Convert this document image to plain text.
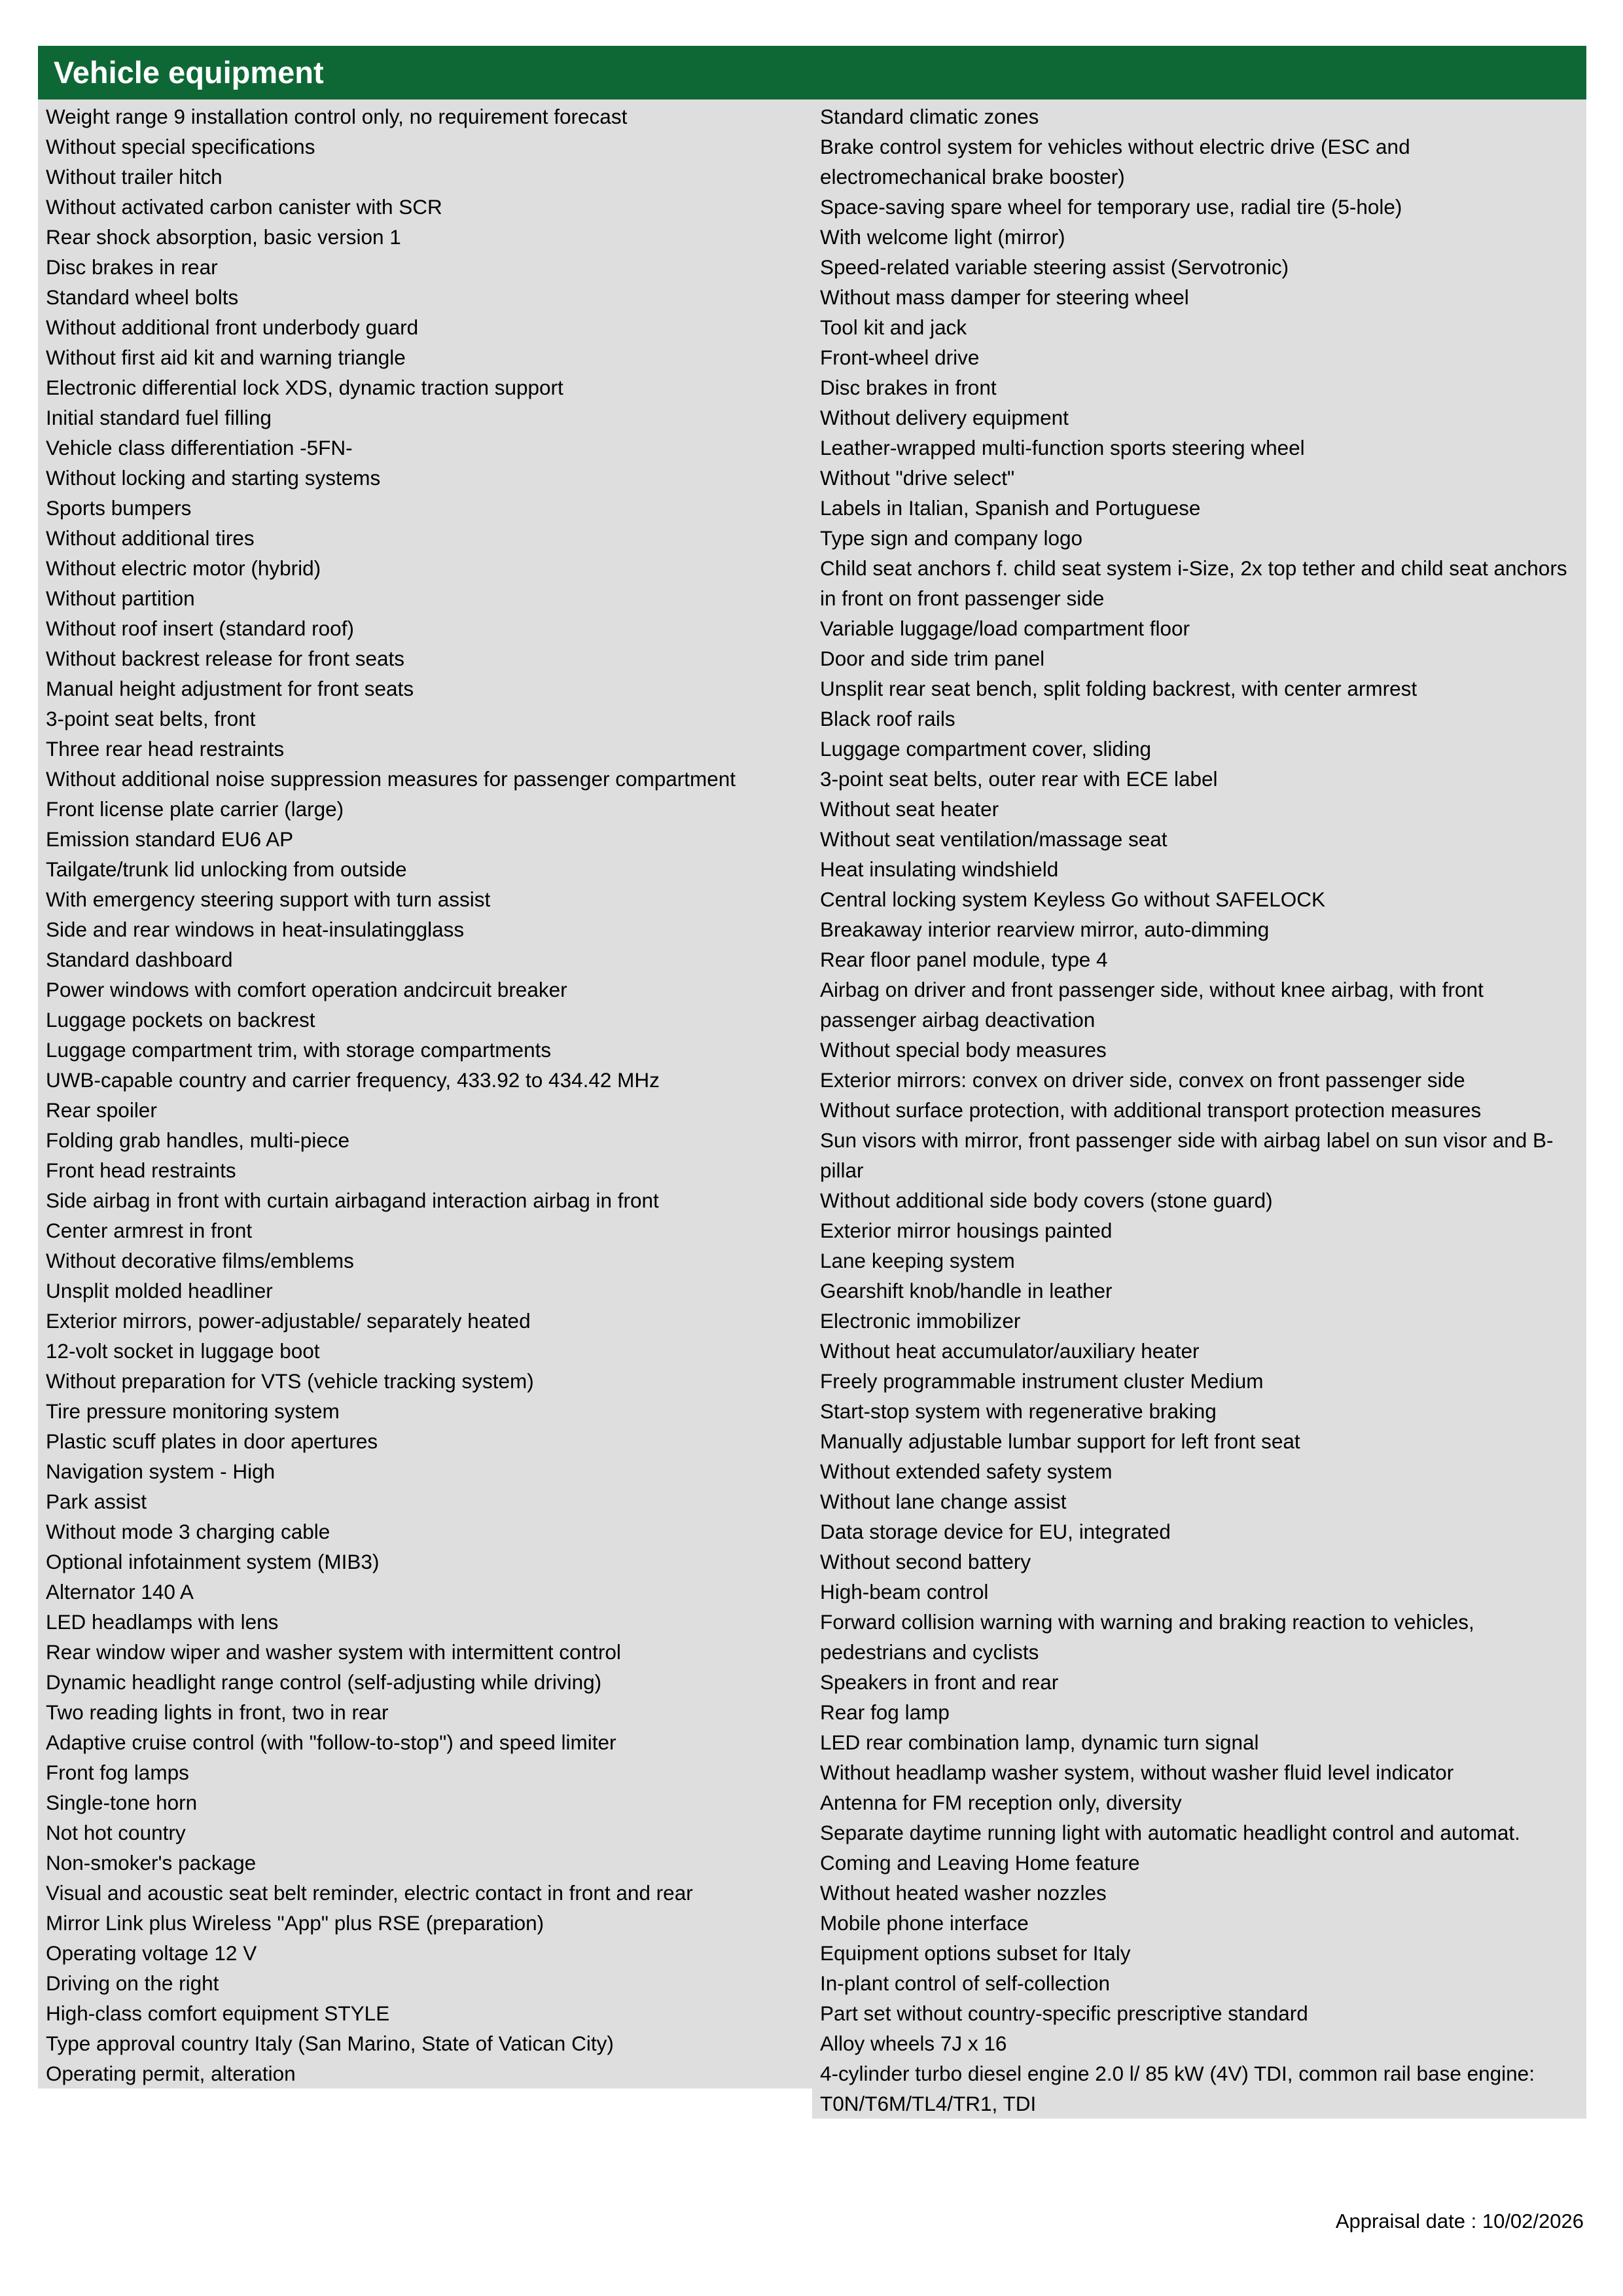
Vehicle equipment
Weight range 9 installation control only, no requirement forecast
Without special specifications
Without trailer hitch
Without activated carbon canister with SCR
Rear shock absorption, basic version 1
Disc brakes in rear
Standard wheel bolts
Without additional front underbody guard
Without first aid kit and warning triangle
Electronic differential lock XDS, dynamic traction support
Initial standard fuel filling
Vehicle class differentiation -5FN-
Without locking and starting systems
Sports bumpers
Without additional tires
Without electric motor (hybrid)
Without partition
Without roof insert (standard roof)
Without backrest release for front seats
Manual height adjustment for front seats
3-point seat belts, front
Three rear head restraints
Without additional noise suppression measures for passenger compartment
Front license plate carrier (large)
Emission standard EU6 AP
Tailgate/trunk lid unlocking from outside
With emergency steering support with turn assist
Side and rear windows in heat-insulatingglass
Standard dashboard
Power windows with comfort operation andcircuit breaker
Luggage pockets on backrest
Luggage compartment trim, with storage compartments
UWB-capable country and carrier frequency, 433.92 to 434.42 MHz
Rear spoiler
Folding grab handles, multi-piece
Front head restraints
Side airbag in front with curtain airbagand interaction airbag in front
Center armrest in front
Without decorative films/emblems
Unsplit molded headliner
Exterior mirrors, power-adjustable/ separately heated
12-volt socket in luggage boot
Without preparation for VTS (vehicle tracking system)
Tire pressure monitoring system
Plastic scuff plates in door apertures
Navigation system - High
Park assist
Without mode 3 charging cable
Optional infotainment system (MIB3)
Alternator 140 A
LED headlamps with lens
Rear window wiper and washer system with intermittent control
Dynamic headlight range control (self-adjusting while driving)
Two reading lights in front, two in rear
Adaptive cruise control (with "follow-to-stop") and speed limiter
Front fog lamps
Single-tone horn
Not hot country
Non-smoker's package
Visual and acoustic seat belt reminder, electric contact in front and rear
Mirror Link plus Wireless "App" plus RSE (preparation)
Operating voltage 12 V
Driving on the right
High-class comfort equipment STYLE
Type approval country Italy (San Marino, State of Vatican City)
Operating permit, alteration
Standard climatic zones
Brake control system for vehicles without electric drive (ESC and electromechanical brake booster)
Space-saving spare wheel for temporary use, radial tire (5-hole)
With welcome light (mirror)
Speed-related variable steering assist (Servotronic)
Without mass damper for steering wheel
Tool kit and jack
Front-wheel drive
Disc brakes in front
Without delivery equipment
Leather-wrapped multi-function sports steering wheel
Without "drive select"
Labels in Italian, Spanish and Portuguese
Type sign and company logo
Child seat anchors f. child seat system i-Size, 2x top tether and child seat anchors in front on front passenger side
Variable luggage/load compartment floor
Door and side trim panel
Unsplit rear seat bench, split folding backrest, with center armrest
Black roof rails
Luggage compartment cover, sliding
3-point seat belts, outer rear with ECE label
Without seat heater
Without seat ventilation/massage seat
Heat insulating windshield
Central locking system Keyless Go without SAFELOCK
Breakaway interior rearview mirror, auto-dimming
Rear floor panel module, type 4
Airbag on driver and front passenger side, without knee airbag, with front passenger airbag deactivation
Without special body measures
Exterior mirrors: convex on driver side, convex on front passenger side
Without surface protection, with additional transport protection measures
Sun visors with mirror, front passenger side with airbag label on sun visor and B-pillar
Without additional side body covers (stone guard)
Exterior mirror housings painted
Lane keeping system
Gearshift knob/handle in leather
Electronic immobilizer
Without heat accumulator/auxiliary heater
Freely programmable instrument cluster Medium
Start-stop system with regenerative braking
Manually adjustable lumbar support for left front seat
Without extended safety system
Without lane change assist
Data storage device for EU, integrated
Without second battery
High-beam control
Forward collision warning with warning and braking reaction to vehicles, pedestrians and cyclists
Speakers in front and rear
Rear fog lamp
LED rear combination lamp, dynamic turn signal
Without headlamp washer system, without washer fluid level indicator
Antenna for FM reception only, diversity
Separate daytime running light with automatic headlight control and automat.
Coming and Leaving Home feature
Without heated washer nozzles
Mobile phone interface
Equipment options subset for Italy
In-plant control of self-collection
Part set without country-specific prescriptive standard
Alloy wheels 7J x 16
4-cylinder turbo diesel engine 2.0 l/ 85 kW (4V) TDI, common rail base engine: T0N/T6M/TL4/TR1, TDI
Appraisal date : 10/02/2026
